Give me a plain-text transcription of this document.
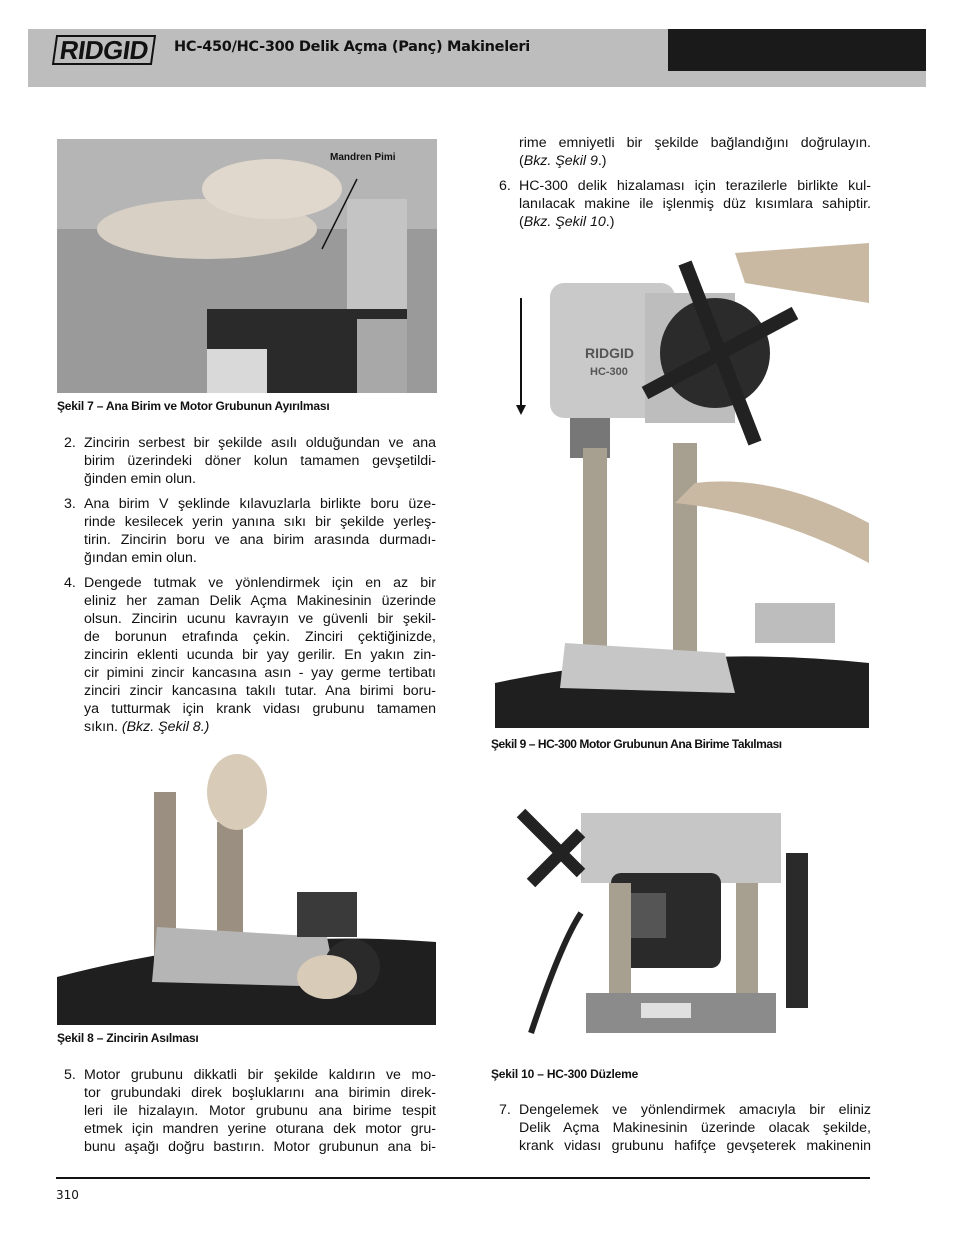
RIDGID	HC-450/HC-300 Delik Açma (Panç) Makineleri
Mandren Pimi
Şekil 7 – Ana Birim ve Motor Grubunun Ayırılması
2. Zincirin serbest bir şekilde asılı olduğundan ve ana
birim üzerindeki döner kolun tamamen gevşetildi-
ğinden emin olun.
3. Ana birim V şeklinde kılavuzlarla birlikte boru üze-
rinde kesilecek yerin yanına sıkı bir şekilde yerleş-
tirin. Zincirin boru ve ana birim arasında durmadı-
ğından emin olun.
4. Dengede tutmak ve yönlendirmek için en az bir
eliniz her zaman Delik Açma Makinesinin üzerinde
olsun. Zincirin ucunu kavrayın ve güvenli bir şekil-
de borunun etrafında çekin. Zinciri çektiğinizde,
zincirin eklenti ucunda bir yay gerilir. En yakın zin-
cir pimini zincir kancasına asın - yay germe tertibatı
zinciri zincir kancasına takılı tutar. Ana birimi boru-
ya tutturmak için krank vidası grubunu tamamen
sıkın. (Bkz. Şekil 8.)
Şekil 8 – Zincirin Asılması
5. Motor grubunu dikkatli bir şekilde kaldırın ve mo-
tor grubundaki direk boşluklarını ana birimin direk-
leri ile hizalayın. Motor grubunu ana birime tespit
etmek için mandren yerine oturana dek motor gru-
bunu aşağı doğru bastırın. Motor grubunun ana bi-
rime emniyetli bir şekilde bağlandığını doğrulayın.
(Bkz. Şekil 9.)
6. HC-300 delik hizalaması için terazilerle birlikte kul-
lanılacak makine ile işlenmiş düz kısımlara sahiptir.
(Bkz. Şekil 10.)
RIDGID
HC-300
Şekil 9 – HC-300 Motor Grubunun Ana Birime Takılması
Şekil 10 – HC-300 Düzleme
7. Dengelemek ve yönlendirmek amacıyla bir eliniz
Delik Açma Makinesinin üzerinde olacak şekilde,
krank vidası grubunu hafifçe gevşeterek makinenin
310
